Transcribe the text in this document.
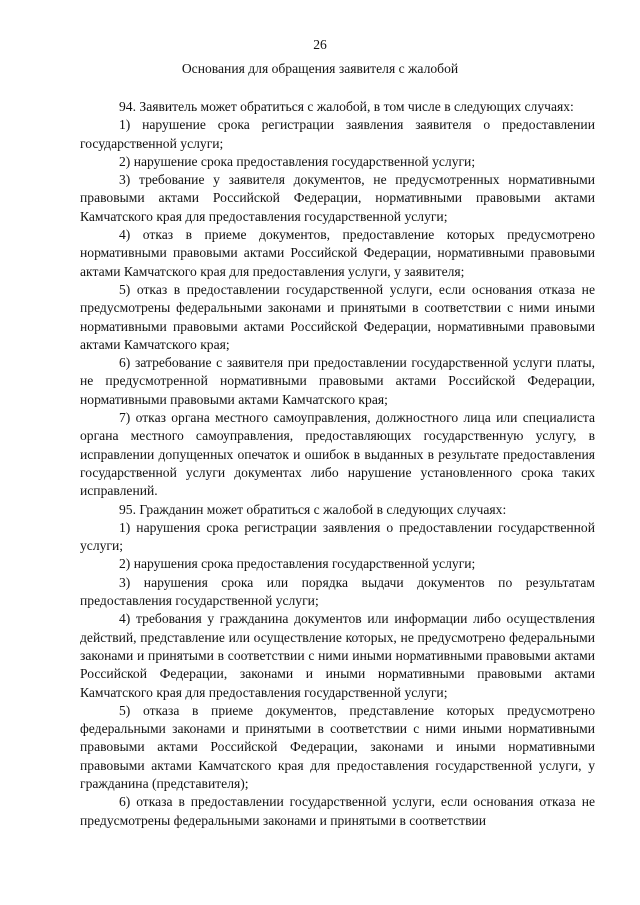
26
Основания для обращения заявителя с жалобой

94. Заявитель может обратиться с жалобой, в том числе в следующих случаях:

1) нарушение срока регистрации заявления заявителя о предоставлении государственной услуги;

2) нарушение срока предоставления государственной услуги;

3) требование у заявителя документов, не предусмотренных нормативными правовыми актами Российской Федерации, нормативными правовыми актами Камчатского края для предоставления государственной услуги;

4) отказ в приеме документов, предоставление которых предусмотрено нормативными правовыми актами Российской Федерации, нормативными правовыми актами Камчатского края для предоставления услуги, у заявителя;

5) отказ в предоставлении государственной услуги, если основания отказа не предусмотрены федеральными законами и принятыми в соответствии с ними иными нормативными правовыми актами Российской Федерации, нормативными правовыми актами Камчатского края;

6) затребование с заявителя при предоставлении государственной услуги платы, не предусмотренной нормативными правовыми актами Российской Федерации, нормативными правовыми актами Камчатского края;

7) отказ органа местного самоуправления, должностного лица или специалиста органа местного самоуправления, предоставляющих государственную услугу, в исправлении допущенных опечаток и ошибок в выданных в результате предоставления государственной услуги документах либо нарушение установленного срока таких исправлений.

95. Гражданин может обратиться с жалобой в следующих случаях:

1) нарушения срока регистрации заявления о предоставлении государственной услуги;

2) нарушения срока предоставления государственной услуги;

3) нарушения срока или порядка выдачи документов по результатам предоставления государственной услуги;

4) требования у гражданина документов или информации либо осуществления действий, представление или осуществление которых, не предусмотрено федеральными законами и принятыми в соответствии с ними иными нормативными правовыми актами Российской Федерации, законами и иными нормативными правовыми актами Камчатского края для предоставления государственной услуги;

5) отказа в приеме документов, представление которых предусмотрено федеральными законами и принятыми в соответствии с ними иными нормативными правовыми актами Российской Федерации, законами и иными нормативными правовыми актами Камчатского края для предоставления государственной услуги, у гражданина (представителя);

6) отказа в предоставлении государственной услуги, если основания отказа не предусмотрены федеральными законами и принятыми в соответствии
